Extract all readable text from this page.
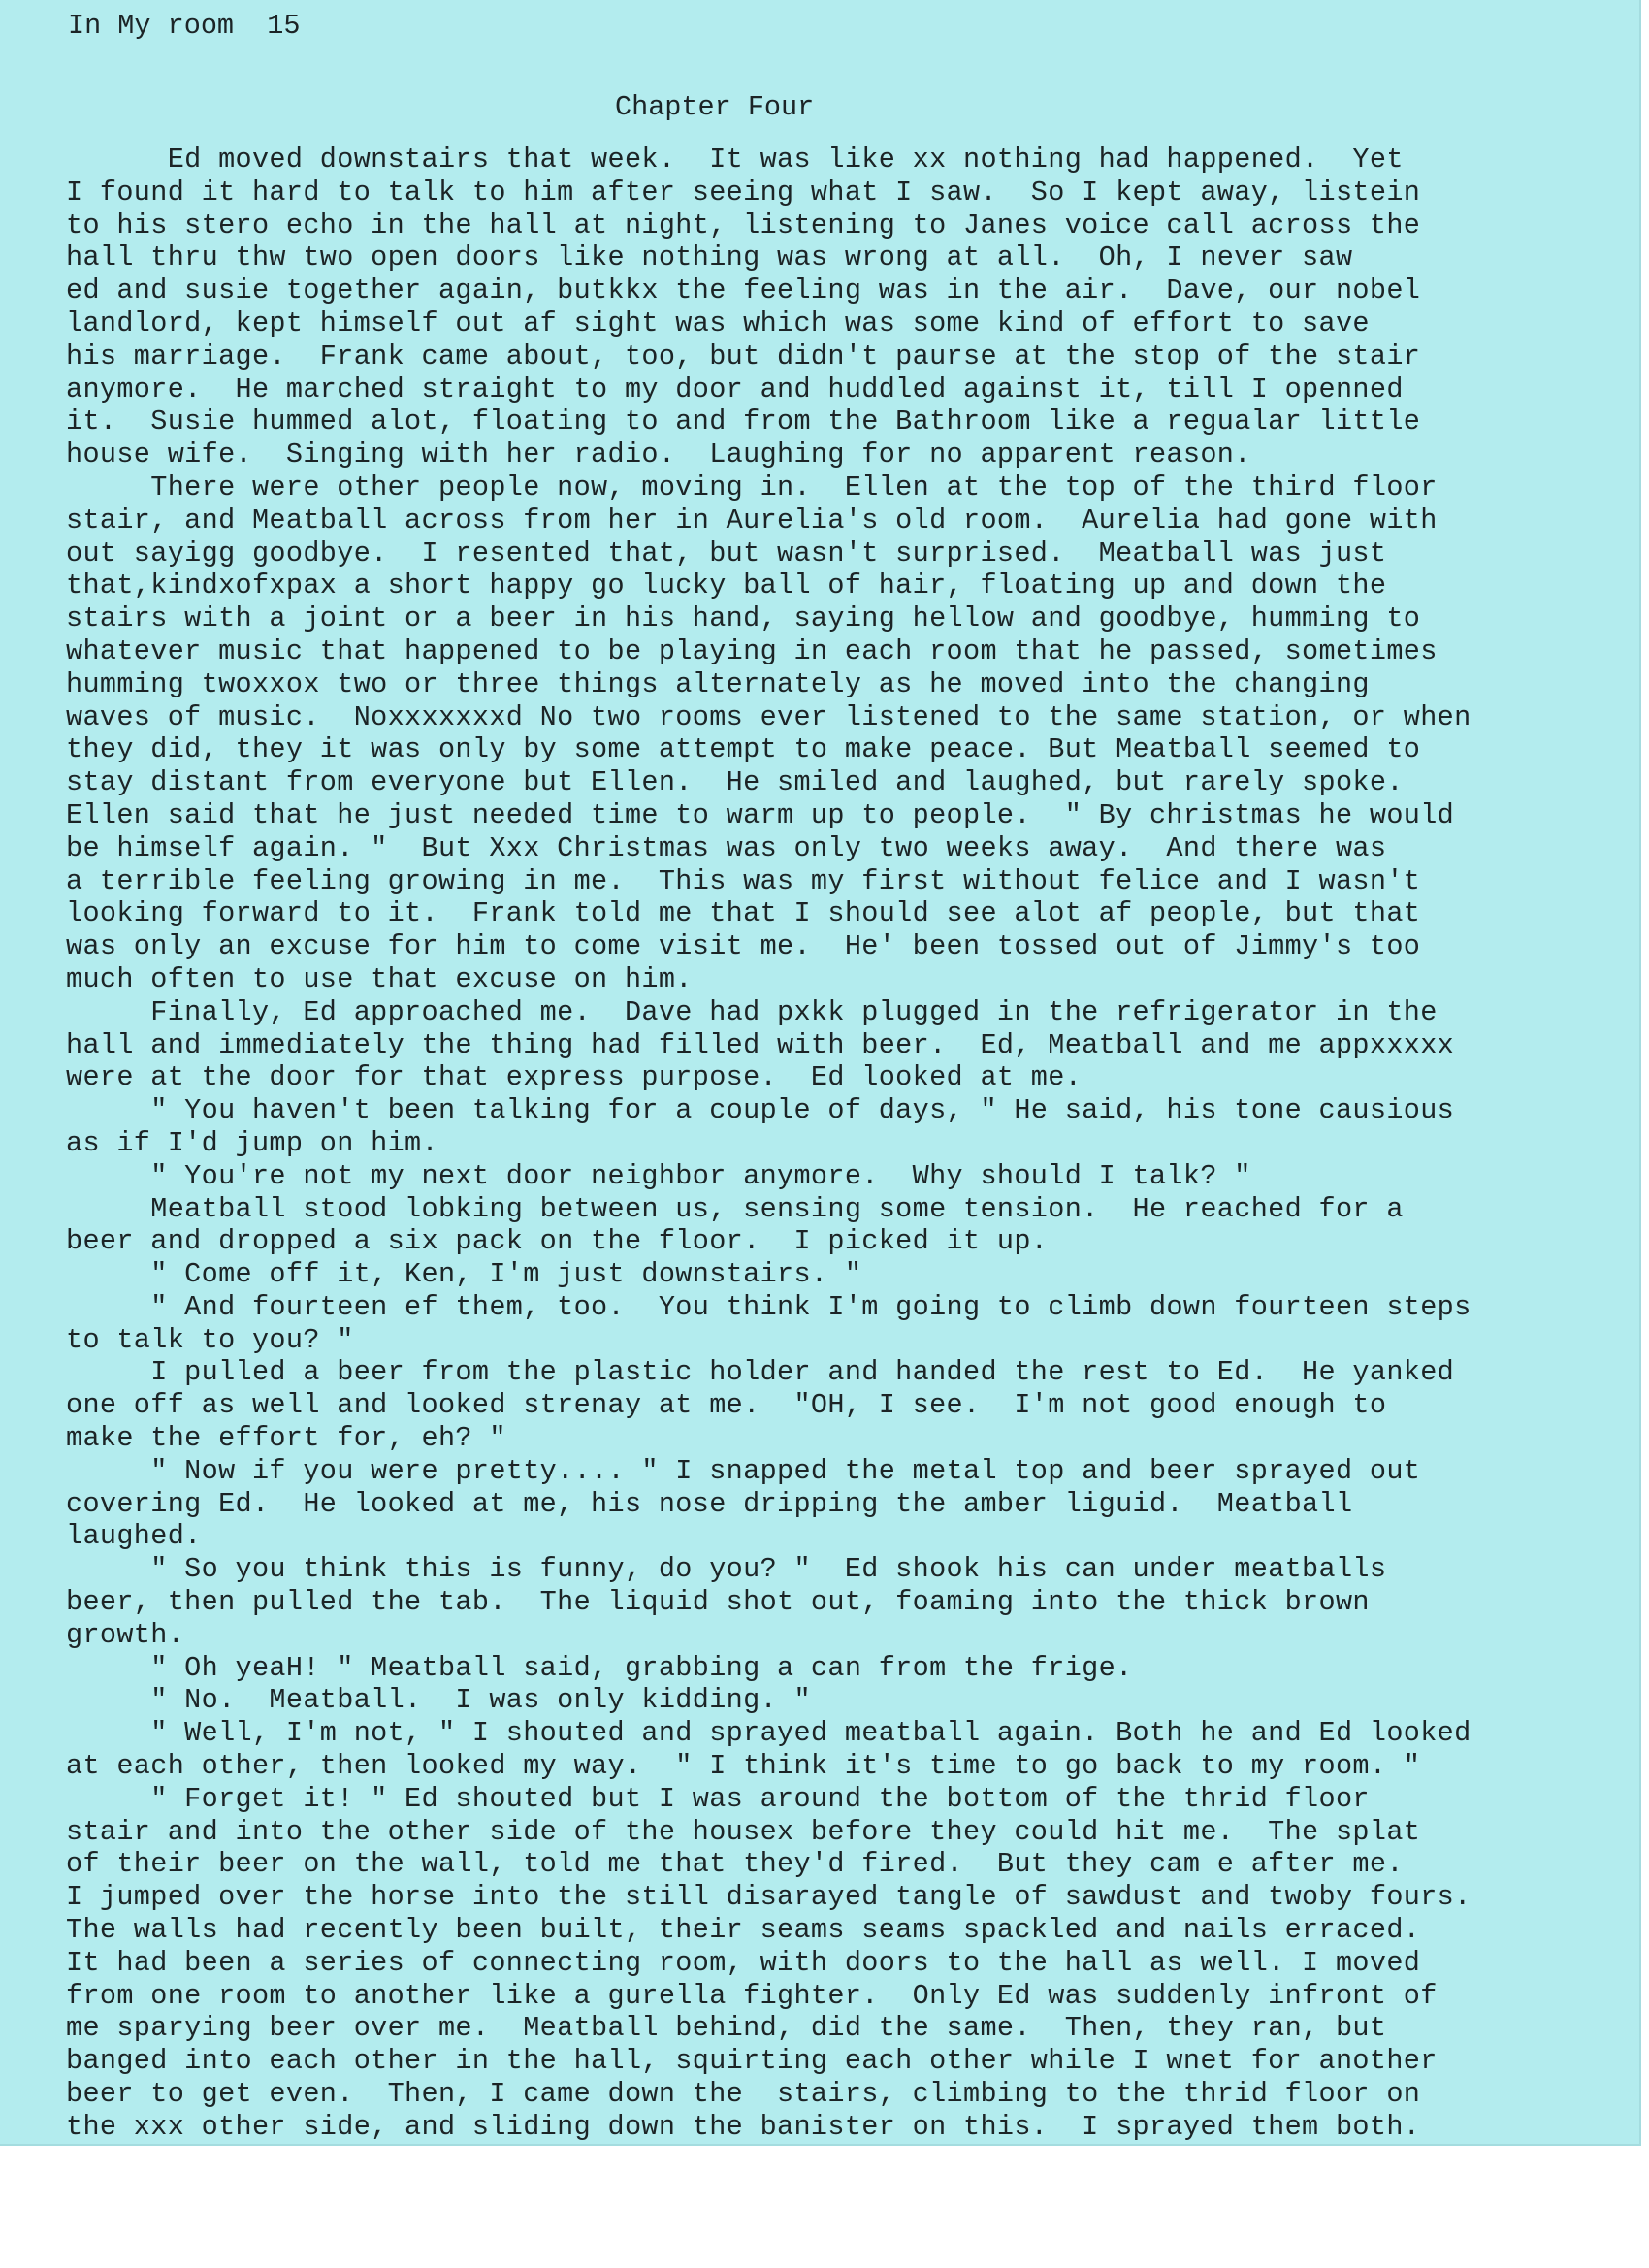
In My room  15
Chapter Four
Ed moved downstairs that week.  It was like xx nothing had happened.  Yet
I found it hard to talk to him after seeing what I saw.  So I kept away, listein
to his stero echo in the hall at night, listening to Janes voice call across the
hall thru thw two open doors like nothing was wrong at all.  Oh, I never saw
ed and susie together again, butkkx the feeling was in the air.  Dave, our nobel
landlord, kept himself out af sight was which was some kind of effort to save
his marriage.  Frank came about, too, but didn't paurse at the stop of the stair
anymore.  He marched straight to my door and huddled against it, till I openned
it.  Susie hummed alot, floating to and from the Bathroom like a regualar little
house wife.  Singing with her radio.  Laughing for no apparent reason.
There were other people now, moving in.  Ellen at the top of the third floor
stair, and Meatball across from her in Aurelia's old room.  Aurelia had gone with
out sayigg goodbye.  I resented that, but wasn't surprised.  Meatball was just
that,kindxofxpax a short happy go lucky ball of hair, floating up and down the
stairs with a joint or a beer in his hand, saying hellow and goodbye, humming to
whatever music that happened to be playing in each room that he passed, sometimes
humming twoxxox two or three things alternately as he moved into the changing
waves of music.  Noxxxxxxxd No two rooms ever listened to the same station, or when
they did, they it was only by some attempt to make peace. But Meatball seemed to
stay distant from everyone but Ellen.  He smiled and laughed, but rarely spoke.
Ellen said that he just needed time to warm up to people.  " By christmas he would
be himself again. "  But Xxx Christmas was only two weeks away.  And there was
a terrible feeling growing in me.  This was my first without felice and I wasn't
looking forward to it.  Frank told me that I should see alot af people, but that
was only an excuse for him to come visit me.  He' been tossed out of Jimmy's too
much often to use that excuse on him.
Finally, Ed approached me.  Dave had pxkk plugged in the refrigerator in the
hall and immediately the thing had filled with beer.  Ed, Meatball and me appxxxxx
were at the door for that express purpose.  Ed looked at me.
" You haven't been talking for a couple of days, " He said, his tone causious
as if I'd jump on him.
" You're not my next door neighbor anymore.  Why should I talk? "
Meatball stood lobking between us, sensing some tension.  He reached for a
beer and dropped a six pack on the floor.  I picked it up.
" Come off it, Ken, I'm just downstairs. "
" And fourteen ef them, too.  You think I'm going to climb down fourteen steps
to talk to you? "
I pulled a beer from the plastic holder and handed the rest to Ed.  He yanked
one off as well and looked strenay at me.  "OH, I see.  I'm not good enough to
make the effort for, eh? "
" Now if you were pretty.... " I snapped the metal top and beer sprayed out
covering Ed.  He looked at me, his nose dripping the amber liguid.  Meatball
laughed.
" So you think this is funny, do you? "  Ed shook his can under meatballs
beer, then pulled the tab.  The liquid shot out, foaming into the thick brown
growth.
" Oh yeaH! " Meatball said, grabbing a can from the frige.
" No.  Meatball.  I was only kidding. "
" Well, I'm not, " I shouted and sprayed meatball again. Both he and Ed looked
at each other, then looked my way.  " I think it's time to go back to my room. "
" Forget it! " Ed shouted but I was around the bottom of the thrid floor
stair and into the other side of the housex before they could hit me.  The splat
of their beer on the wall, told me that they'd fired.  But they cam e after me.
I jumped over the horse into the still disarayed tangle of sawdust and twoby fours.
The walls had recently been built, their seams seams spackled and nails erraced.
It had been a series of connecting room, with doors to the hall as well. I moved
from one room to another like a gurella fighter.  Only Ed was suddenly infront of
me sparying beer over me.  Meatball behind, did the same.  Then, they ran, but
banged into each other in the hall, squirting each other while I wnet for another
beer to get even.  Then, I came down the  stairs, climbing to the thrid floor on
the xxx other side, and sliding down the banister on this.  I sprayed them both.
